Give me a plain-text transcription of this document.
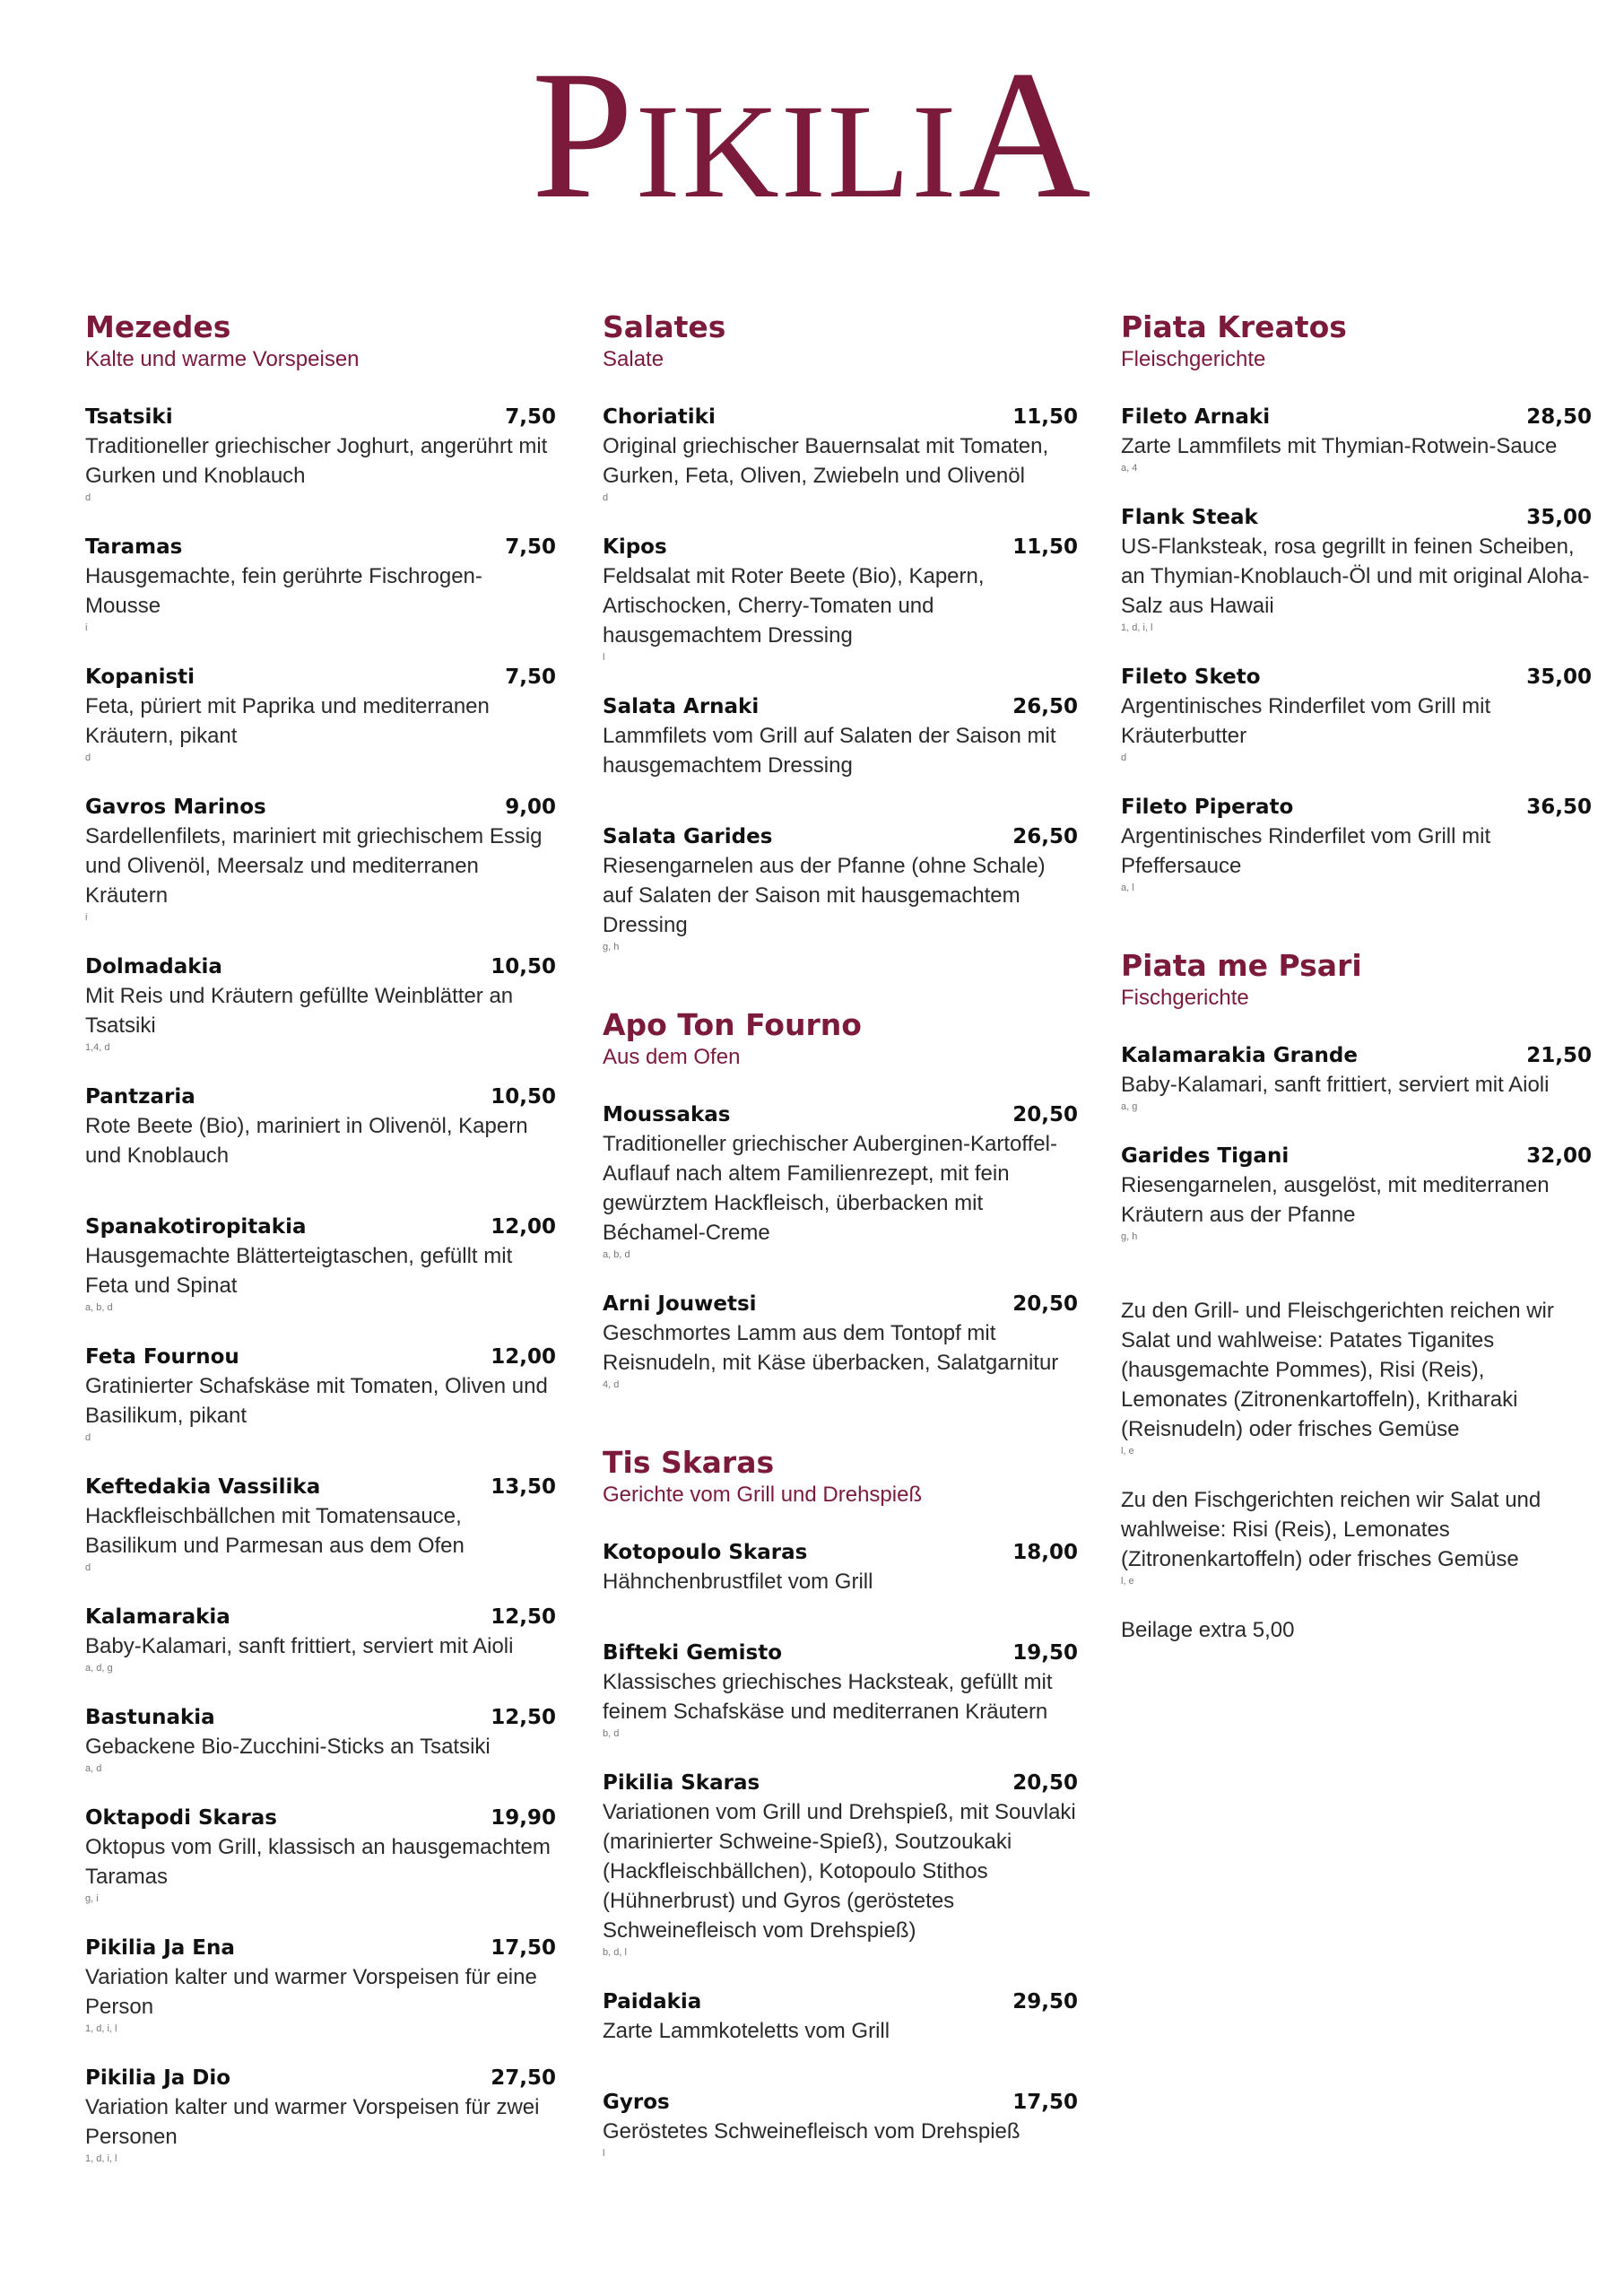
PIKILIA
Mezedes
Kalte und warme Vorspeisen
Tsatsiki	7,50
Traditioneller griechischer Joghurt, angerührt mit Gurken und Knoblauch
d
Taramas	7,50
Hausgemachte, fein gerührte Fischrogen-Mousse
i
Kopanisti	7,50
Feta, püriert mit Paprika und mediterranen Kräutern, pikant
d
Gavros Marinos	9,00
Sardellenfilets, mariniert mit griechischem Essig und Olivenöl, Meersalz und mediterranen Kräutern
i
Dolmadakia	10,50
Mit Reis und Kräutern gefüllte Weinblätter an Tsatsiki
1,4, d
Pantzaria	10,50
Rote Beete (Bio), mariniert in Olivenöl, Kapern und Knoblauch
Spanakotiropitakia	12,00
Hausgemachte Blätterteigtaschen, gefüllt mit Feta und Spinat
a, b, d
Feta Fournou	12,00
Gratinierter Schafskäse mit Tomaten, Oliven und Basilikum, pikant
d
Keftedakia Vassilika	13,50
Hackfleischbällchen mit Tomatensauce, Basilikum und Parmesan aus dem Ofen
d
Kalamarakia	12,50
Baby-Kalamari, sanft frittiert, serviert mit Aioli
a, d, g
Bastunakia	12,50
Gebackene Bio-Zucchini-Sticks an Tsatsiki
a, d
Oktapodi Skaras	19,90
Oktopus vom Grill, klassisch an hausgemachtem Taramas
g, i
Pikilia Ja Ena	17,50
Variation kalter und warmer Vorspeisen für eine Person
1, d, i, l
Pikilia Ja Dio	27,50
Variation kalter und warmer Vorspeisen für zwei Personen
1, d, i, l
Salates
Salate
Choriatiki	11,50
Original griechischer Bauernsalat mit Tomaten, Gurken, Feta, Oliven, Zwiebeln und Olivenöl
d
Kipos	11,50
Feldsalat mit Roter Beete (Bio), Kapern, Artischocken, Cherry-Tomaten und hausgemachtem Dressing
l
Salata Arnaki	26,50
Lammfilets vom Grill auf Salaten der Saison mit hausgemachtem Dressing
Salata Garides	26,50
Riesengarnelen aus der Pfanne (ohne Schale) auf Salaten der Saison mit hausgemachtem Dressing
g, h
Apo Ton Fourno
Aus dem Ofen
Moussakas	20,50
Traditioneller griechischer Auberginen-Kartoffel-Auflauf nach altem Familienrezept, mit fein gewürztem Hackfleisch, überbacken mit Béchamel-Creme
a, b, d
Arni Jouwetsi	20,50
Geschmortes Lamm aus dem Tontopf mit Reisnudeln, mit Käse überbacken, Salatgarnitur
4, d
Tis Skaras
Gerichte vom Grill und Drehspieß
Kotopoulo Skaras	18,00
Hähnchenbrustfilet vom Grill
Bifteki Gemisto	19,50
Klassisches griechisches Hacksteak, gefüllt mit feinem Schafskäse und mediterranen Kräutern
b, d
Pikilia Skaras	20,50
Variationen vom Grill und Drehspieß, mit Souvlaki (marinierter Schweine-Spieß), Soutzoukaki (Hackfleischbällchen), Kotopoulo Stithos (Hühnerbrust) und Gyros (geröstetes Schweinefleisch vom Drehspieß)
b, d, l
Paidakia	29,50
Zarte Lammkoteletts vom Grill
Gyros	17,50
Geröstetes Schweinefleisch vom Drehspieß
l
Piata Kreatos
Fleischgerichte
Fileto Arnaki	28,50
Zarte Lammfilets mit Thymian-Rotwein-Sauce
a, 4
Flank Steak	35,00
US-Flanksteak, rosa gegrillt in feinen Scheiben, an Thymian-Knoblauch-Öl und mit original Aloha-Salz aus Hawaii
1, d, i, l
Fileto Sketo	35,00
Argentinisches Rinderfilet vom Grill mit Kräuterbutter
d
Fileto Piperato	36,50
Argentinisches Rinderfilet vom Grill mit Pfeffersauce
a, l
Piata me Psari
Fischgerichte
Kalamarakia Grande	21,50
Baby-Kalamari, sanft frittiert, serviert mit Aioli
a, g
Garides Tigani	32,00
Riesengarnelen, ausgelöst, mit mediterranen Kräutern aus der Pfanne
g, h
Zu den Grill- und Fleischgerichten reichen wir Salat und wahlweise: Patates Tiganites (hausgemachte Pommes), Risi (Reis), Lemonates (Zitronenkartoffeln), Kritharaki (Reisnudeln) oder frisches Gemüse
l, e
Zu den Fischgerichten reichen wir Salat und wahlweise: Risi (Reis), Lemonates (Zitronenkartoffeln) oder frisches Gemüse
l, e
Beilage extra 5,00
